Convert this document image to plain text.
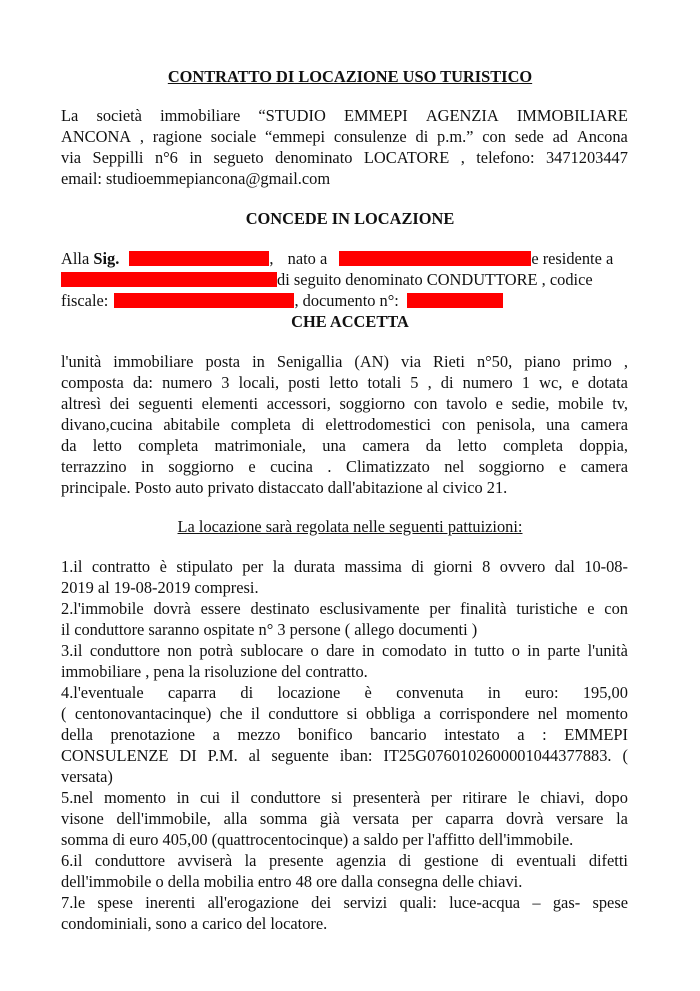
CONTRATTO DI LOCAZIONE USO TURISTICO
La società immobiliare “STUDIO EMMEPI AGENZIA IMMOBILIARE
ANCONA , ragione sociale “emmepi consulenze di p.m.” con sede ad Ancona
via Seppilli n°6 in segueto denominato LOCATORE , telefono: 3471203447
email: studioemmepiancona@gmail.com
CONCEDE IN LOCAZIONE
Alla Sig.	, nato a	e residente a
di seguito denominato CONDUTTORE , codice
fiscale:	, documento n°:
CHE ACCETTA
l'unità immobiliare posta in Senigallia (AN) via Rieti n°50, piano primo ,
composta da: numero 3 locali, posti letto totali 5 , di numero 1 wc, e dotata
altresì dei seguenti elementi accessori, soggiorno con tavolo e sedie, mobile tv,
divano,cucina abitabile completa di elettrodomestici con penisola, una camera
da letto completa matrimoniale, una camera da letto completa doppia,
terrazzino in soggiorno e cucina . Climatizzato nel soggiorno e camera
principale. Posto auto privato distaccato dall'abitazione al civico 21.
La locazione sarà regolata nelle seguenti pattuizioni:
1.il contratto è stipulato per la durata massima di giorni 8 ovvero dal 10-08-
2019 al 19-08-2019 compresi.
2.l'immobile dovrà essere destinato esclusivamente per finalità turistiche e con
il conduttore saranno ospitate n° 3 persone ( allego documenti )
3.il conduttore non potrà sublocare o dare in comodato in tutto o in parte l'unità
immobiliare , pena la risoluzione del contratto.
4.l'eventuale caparra di locazione è convenuta in euro: 195,00
( centonovantacinque) che il conduttore si obbliga a corrispondere nel momento
della prenotazione a mezzo bonifico bancario intestato a : EMMEPI
CONSULENZE DI P.M. al seguente iban: IT25G0760102600001044377883. (
versata)
5.nel momento in cui il conduttore si presenterà per ritirare le chiavi, dopo
visone dell'immobile, alla somma già versata per caparra dovrà versare la
somma di euro 405,00 (quattrocentocinque) a saldo per l'affitto dell'immobile.
6.il conduttore avviserà la presente agenzia di gestione di eventuali difetti
dell'immobile o della mobilia entro 48 ore dalla consegna delle chiavi.
7.le spese inerenti all'erogazione dei servizi quali: luce-acqua – gas- spese
condominiali, sono a carico del locatore.
